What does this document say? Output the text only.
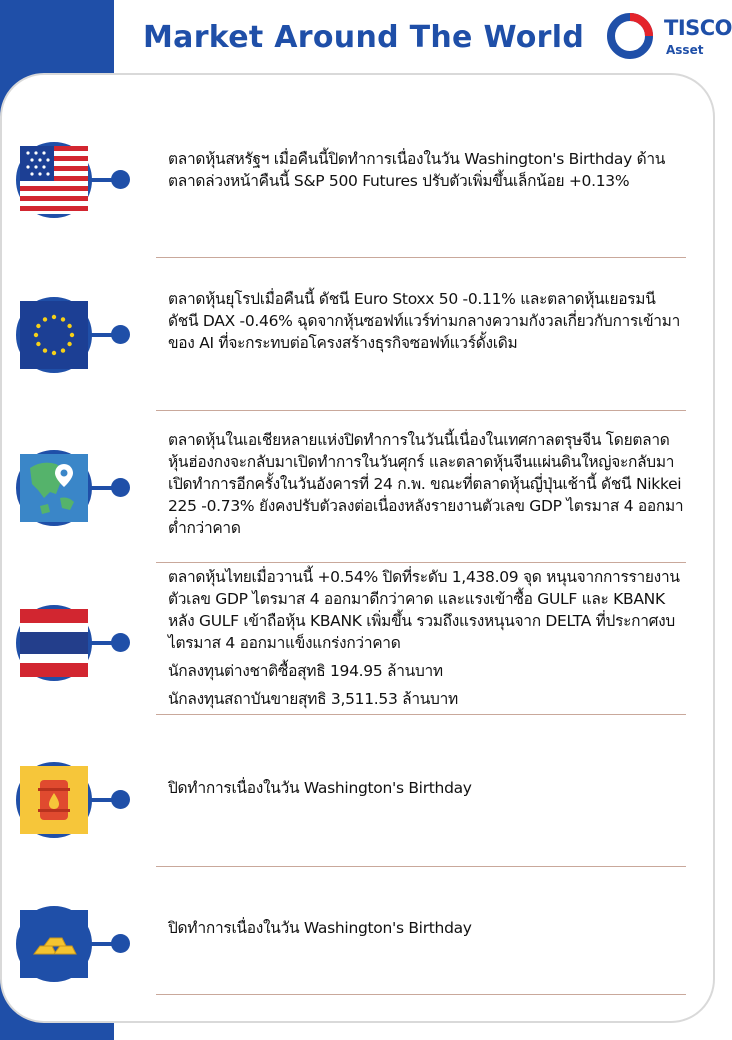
Market Around The World	TISCO
Asset

ตลาดหุ้นสหรัฐฯ เมื่อคืนนี้ปิดทำการเนื่องในวัน Washington's Birthday ด้านตลาดล่วงหน้าคืนนี้ S&P 500 Futures ปรับตัวเพิ่มขึ้นเล็กน้อย +0.13%

ตลาดหุ้นยุโรปเมื่อคืนนี้ ดัชนี Euro Stoxx 50 -0.11% และตลาดหุ้นเยอรมนี ดัชนี DAX -0.46% ฉุดจากหุ้นซอฟท์แวร์ท่ามกลางความกังวลเกี่ยวกับการเข้ามาของ AI ที่จะกระทบต่อโครงสร้างธุรกิจซอฟท์แวร์ดั้งเดิม

ตลาดหุ้นในเอเชียหลายแห่งปิดทำการในวันนี้เนื่องในเทศกาลตรุษจีน โดยตลาดหุ้นฮ่องกงจะกลับมาเปิดทำการในวันศุกร์ และตลาดหุ้นจีนแผ่นดินใหญ่จะกลับมาเปิดทำการอีกครั้งในวันอังคารที่ 24 ก.พ. ขณะที่ตลาดหุ้นญี่ปุ่นเช้านี้ ดัชนี Nikkei 225 -0.73% ยังคงปรับตัวลงต่อเนื่องหลังรายงานตัวเลข GDP ไตรมาส 4 ออกมาต่ำกว่าคาด

ตลาดหุ้นไทยเมื่อวานนี้ +0.54% ปิดที่ระดับ 1,438.09 จุด หนุนจากการรายงานตัวเลข GDP ไตรมาส 4 ออกมาดีกว่าคาด และแรงเข้าซื้อ GULF และ KBANK หลัง GULF เข้าถือหุ้น KBANK เพิ่มขึ้น รวมถึงแรงหนุนจาก DELTA ที่ประกาศงบไตรมาส 4 ออกมาแข็งแกร่งกว่าคาด

นักลงทุนต่างชาติซื้อสุทธิ 194.95 ล้านบาท

นักลงทุนสถาบันขายสุทธิ 3,511.53 ล้านบาท

ปิดทำการเนื่องในวัน Washington's Birthday

ปิดทำการเนื่องในวัน Washington's Birthday
